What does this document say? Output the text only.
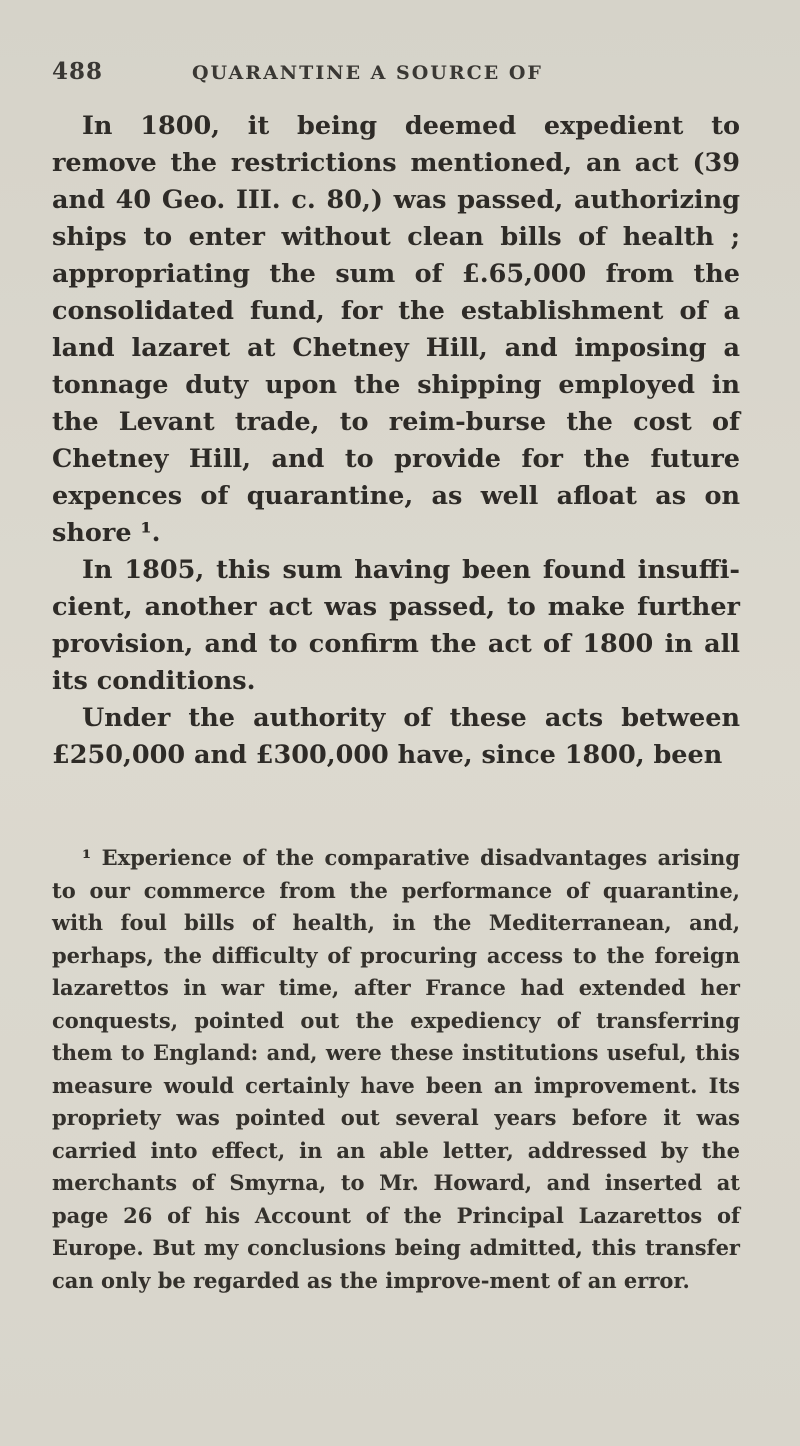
488	QUARANTINE A SOURCE OF

In 1800, it being deemed expedient to remove the restrictions mentioned, an act (39 and 40 Geo. III. c. 80,) was passed, authorizing ships to enter without clean bills of health ; appropriating the sum of £.65,000 from the consolidated fund, for the establishment of a land lazaret at Chetney Hill, and imposing a tonnage duty upon the shipping employed in the Levant trade, to reim-burse the cost of Chetney Hill, and to provide for the future expences of quarantine, as well afloat as on shore ¹.

In 1805, this sum having been found insuffi-cient, another act was passed, to make further provision, and to confirm the act of 1800 in all its conditions.

Under the authority of these acts between £250,000 and £300,000 have, since 1800, been

¹ Experience of the comparative disadvantages arising to our commerce from the performance of quarantine, with foul bills of health, in the Mediterranean, and, perhaps, the difficulty of procuring access to the foreign lazarettos in war time, after France had extended her conquests, pointed out the expediency of transferring them to England: and, were these institutions useful, this measure would certainly have been an improvement. Its propriety was pointed out several years before it was carried into effect, in an able letter, addressed by the merchants of Smyrna, to Mr. Howard, and inserted at page 26 of his Account of the Principal Lazarettos of Europe. But my conclusions being admitted, this transfer can only be regarded as the improve-ment of an error.
